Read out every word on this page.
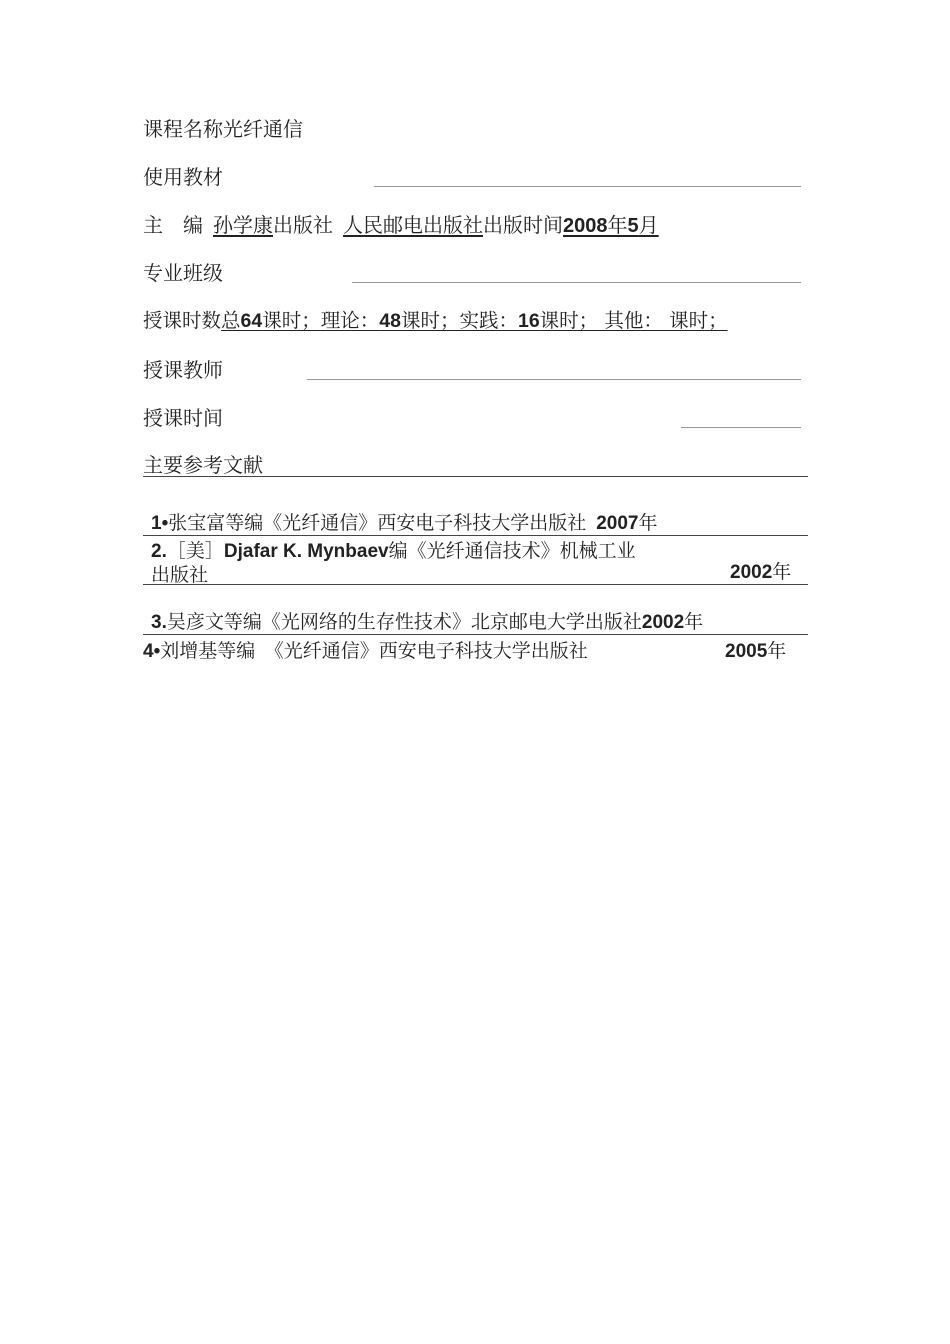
课程名称光纤通信
使用教材
主　编 孙学康出版社 人民邮电出版社出版时间2008年5月
专业班级
授课时数总64课时；理论：48课时；实践：16课时； 其他： 课时；
授课教师
授课时间
主要参考文献
1•张宝富等编《光纤通信》西安电子科技大学出版社 2007年
2.［美］Djafar K. Mynbaev编《光纤通信技术》机械工业
出版社	2002年
3.吴彦文等编《光网络的生存性技术》北京邮电大学出版社2002年
4•刘增基等编　《光纤通信》西安电子科技大学出版社	2005年
